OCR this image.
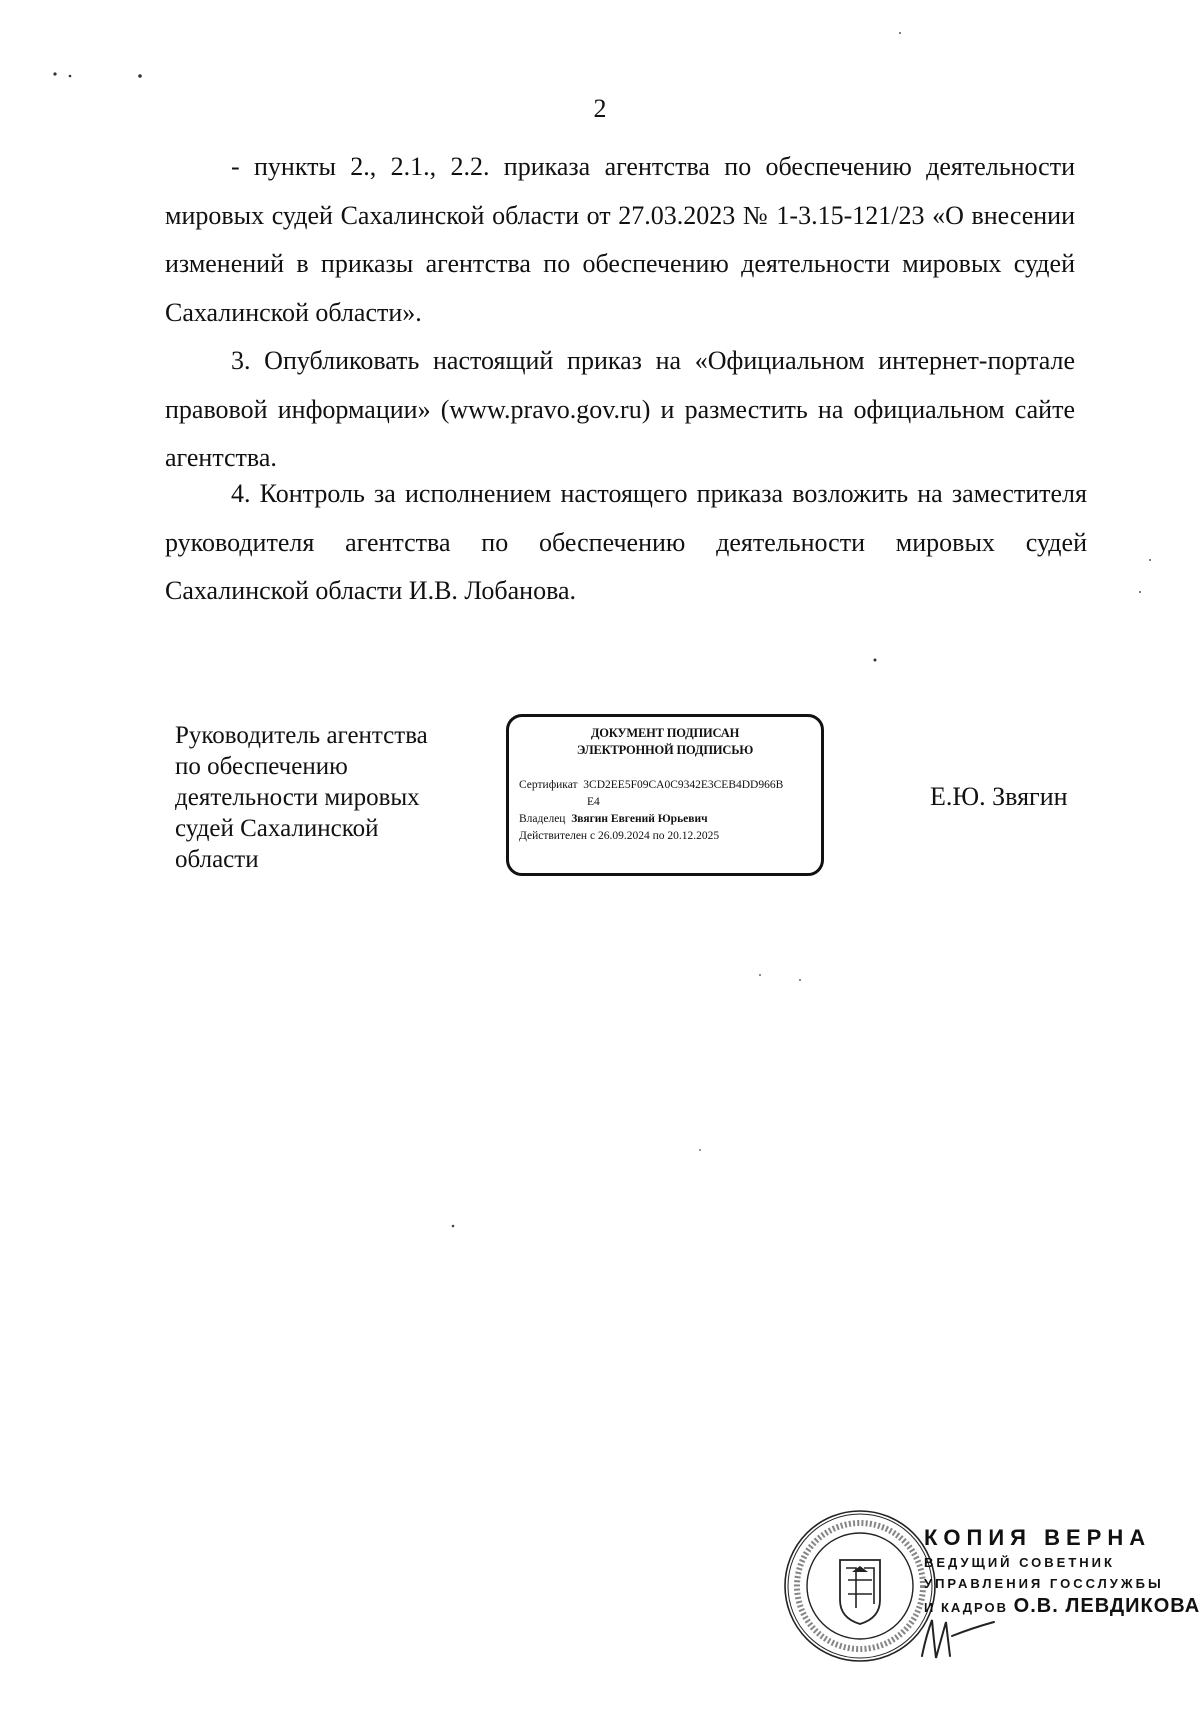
2
- пункты 2., 2.1., 2.2. приказа агентства по обеспечению деятельности мировых судей Сахалинской области от 27.03.2023 № 1-3.15-121/23 «О внесении изменений в приказы агентства по обеспечению деятельности мировых судей Сахалинской области».
3. Опубликовать настоящий приказ на «Официальном интернет-портале правовой информации» (www.pravo.gov.ru) и разместить на официальном сайте агентства.
4. Контроль за исполнением настоящего приказа возложить на заместителя руководителя агентства по обеспечению деятельности мировых судей Сахалинской области И.В. Лобанова.
Руководитель агентства
по обеспечению
деятельности мировых
судей Сахалинской
области
ДОКУМЕНТ ПОДПИСАН
ЭЛЕКТРОННОЙ ПОДПИСЬЮ
Сертификат 3CD2EE5F09CA0C9342E3CEB4DD966B
E4
Владелец Звягин Евгений Юрьевич
Действителен с 26.09.2024 по 20.12.2025
Е.Ю. Звягин
КОПИЯ ВЕРНА
ВЕДУЩИЙ СОВЕТНИК
УПРАВЛЕНИЯ ГОССЛУЖБЫ
И КАДРОВ О.В. ЛЕВДИКОВА
